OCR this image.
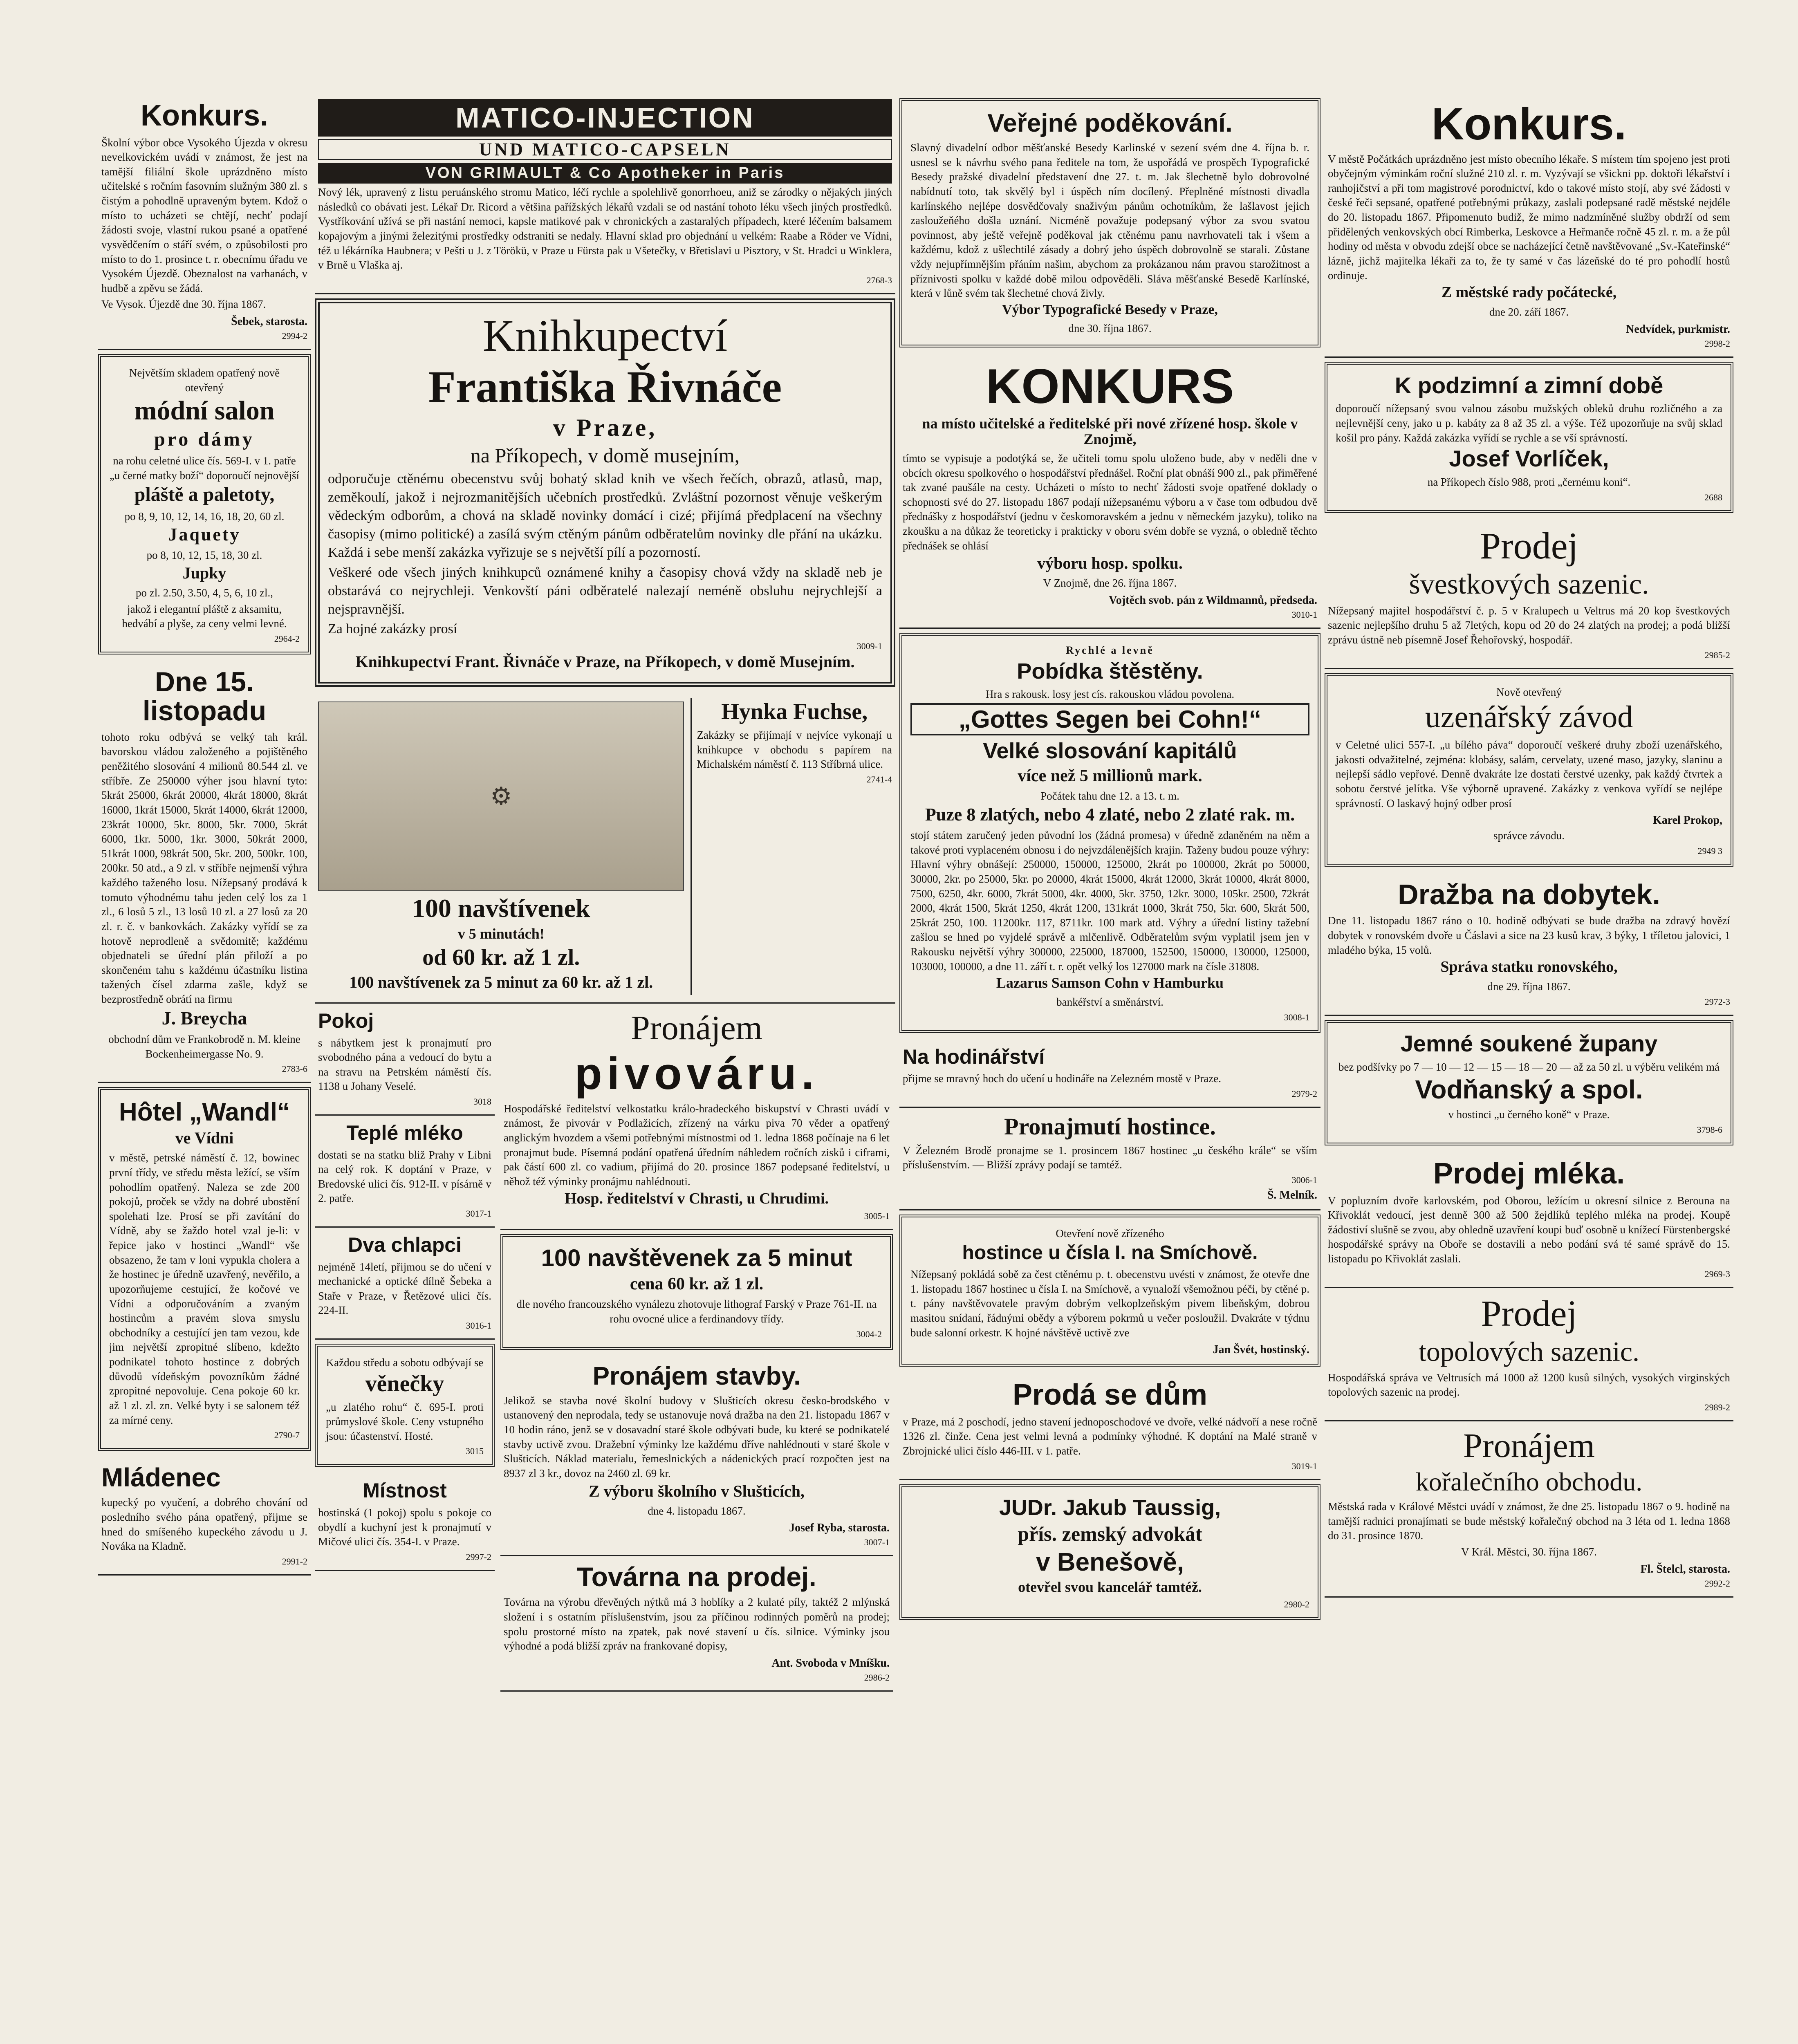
Konkurs.

Školní výbor obce Vysokého Újezda v okresu nevelkovickém uvádí v známost, že jest na tamější filiální škole uprázdněno místo učitelské s ročním fasovním služným 380 zl. s čistým a pohodlně upraveným bytem. Kdož o místo to ucházeti se chtějí, nechť podají žádosti svoje, vlastní rukou psané a opatřené vysvědčením o stáří svém, o způsobilosti pro místo to do 1. prosince t. r. obecnímu úřadu ve Vysokém Újezdě. Obeznalost na varhanách, v hudbě a zpěvu se žádá.

Ve Vysok. Újezdě dne 30. října 1867.

Šebek, starosta.

2994-2

Největším skladem opatřený nově otevřený

módní salon
pro dámy

na rohu celetné ulice čís. 569-I. v 1. patře „u černé matky boží“ doporoučí nejnovější

pláště a paletoty,

po 8, 9, 10, 12, 14, 16, 18, 20, 60 zl.

Jaquety

po 8, 10, 12, 15, 18, 30 zl.

Jupky

po zl. 2.50, 3.50, 4, 5, 6, 10 zl.,

jakož i elegantní pláště z aksamitu, hedvábí a plyše, za ceny velmi levné.

2964-2

Dne 15. listopadu

tohoto roku odbývá se velký tah král. bavorskou vládou založeného a pojištěného peněžitého slosování 4 milionů 80.544 zl. ve stříbře. Ze 250000 výher jsou hlavní tyto: 5krát 25000, 6krát 20000, 4krát 18000, 8krát 16000, 1krát 15000, 5krát 14000, 6krát 12000, 23krát 10000, 5kr. 8000, 5kr. 7000, 5krát 6000, 1kr. 5000, 1kr. 3000, 50krát 2000, 51krát 1000, 98krát 500, 5kr. 200, 500kr. 100, 200kr. 50 atd., a 9 zl. v stříbře nejmenší výhra každého taženého losu. Nížepsaný prodává k tomuto výhodnému tahu jeden celý los za 1 zl., 6 losů 5 zl., 13 losů 10 zl. a 27 losů za 20 zl. r. č. v bankovkách. Zakázky vyřídí se za hotově neprodleně a svědomitě; každému objednateli se úřední plán přiloží a po skončeném tahu s každému účastníku listina tažených čísel zdarma zašle, když se bezprostředně obrátí na firmu

J. Breycha

obchodní dům ve Frankobrodě n. M. kleine Bockenheimergasse No. 9.

2783-6

Hôtel „Wandl“
ve Vídni

v městě, petrské náměstí č. 12, bowinec první třídy, ve středu města ležící, se vším pohodlím opatřený. Naleza se zde 200 pokojů, proček se vždy na dobré ubostění spolehati lze. Prosí se při zavítání do Vídně, aby se žaždo hotel vzal je-li: v řepice jako v hostinci „Wandl“ vše obsazeno, že tam v loni vypukla cholera a že hostinec je úředně uzavřený, nevěřilo, a upozorňujeme cestující, že kočové ve Vídni a odporučováním a zvaným hostincům a pravém slova smyslu obchodníky a cestující jen tam vezou, kde jim největší zpropitné slíbeno, kdežto podnikatel tohoto hostince z dobrých důvodů vídeňským povozníkům žádné zpropitné nepovoluje. Cena pokoje 60 kr. až 1 zl. zl. zn. Velké byty i se salonem též za mírné ceny.

2790-7

Mládenec

kupecký po vyučení, a dobrého chování od posledního svého pána opatřený, přijme se hned do smíšeného kupeckého závodu u J. Nováka na Kladně.

2991-2

MATICO-INJECTION
UND MATICO-CAPSELN
VON GRIMAULT & Co Apotheker in Paris

Nový lék, upravený z listu peruánského stromu Matico, léčí rychle a spolehlivě gonorrhoeu, aniž se zárodky o nějakých jiných následků co obávati jest. Lékař Dr. Ricord a většina pařížských lékařů vzdali se od nastání tohoto léku všech jiných prostředků. Vystříkování užívá se při nastání nemoci, kapsle matikové pak v chronických a zastaralých případech, které léčením balsamem kopajovým a jinými železitými prostředky odstraniti se nedaly. Hlavní sklad pro objednání u velkém: Raabe a Röder ve Vídni, též u lékárníka Haubnera; v Pešti u J. z Törökü, v Praze u Fürsta pak u Všetečky, v Břetislavi u Pisztory, v St. Hradci u Winklera, v Brně u Vlaška aj.

2768-3

Knihkupectví
Františka Řivnáče
v Praze,
na Příkopech, v domě musejním,

odporučuje ctěnému obecenstvu svůj bohatý sklad knih ve všech řečích, obrazů, atlasů, map, zeměkoulí, jakož i nejrozmanitějších učebních prostředků. Zvláštní pozornost věnuje veškerým vědeckým odborům, a chová na skladě novinky domácí i cizé; přijímá předplacení na všechny časopisy (mimo politické) a zasílá svým ctěným pánům odběratelům novinky dle přání na ukázku. Každá i sebe menší zakázka vyřizuje se s největší pílí a pozorností.

Veškeré ode všech jiných knihkupců oznámené knihy a časopisy chová vždy na skladě neb je obstarává co nejrychleji. Venkovští páni odběratelé nalezají neméně obsluhu nejrychlejší a nejspravnější.

Za hojné zakázky prosí

3009-1

Knihkupectví Frant. Řivnáče v Praze, na Příkopech, v domě Musejním.
⚙
100 navštívenek
v 5 minutách!
od 60 kr. až 1 zl.
100 navštívenek za 5 minut za 60 kr. až 1 zl.
Hynka Fuchse,

Zakázky se přijímají v nejvíce vykonají u knihkupce v obchodu s papírem na Michalském náměstí č. 113 Stříbrná ulice.

2741-4

Pokoj

s nábytkem jest k pronajmutí pro svobodného pána a vedoucí do bytu a na stravu na Petrském náměstí čís. 1138 u Johany Veselé.

3018

Teplé mléko

dostati se na statku bliž Prahy v Libni na celý rok. K doptání v Praze, v Bredovské ulici čís. 912-II. v písárně v 2. patře.

3017-1

Dva chlapci

nejméně 14letí, přijmou se do učení v mechanické a optické dílně Šebeka a Staře v Praze, v Řetězové ulici čís. 224-II.

3016-1

Každou středu a sobotu odbývají se

věnečky

„u zlatého rohu“ č. 695-I. proti průmyslové škole. Ceny vstupného jsou: účastenství. Hosté.

3015

Místnost

hostinská (1 pokoj) spolu s pokoje co obydlí a kuchyní jest k pronajmutí v Mičové ulici čís. 354-I. v Praze.

2997-2

Pronájem
pivováru.

Hospodářské ředitelství velkostatku králo-hradeckého biskupství v Chrasti uvádí v známost, že pivovár v Podlažicích, zřízený na várku piva 70 věder a opatřený anglickým hvozdem a všemi potřebnými místnostmi od 1. ledna 1868 počínaje na 6 let pronajmut bude. Písemná podání opatřená úředním náhledem ročních zisků i ciframi, pak částí 600 zl. co vadium, přijímá do 20. prosince 1867 podepsané ředitelství, u něhož též výminky pronájmu nahlédnouti.

Hosp. ředitelství v Chrasti, u Chrudimi.

3005-1

100 navštěvenek za 5 minut
cena 60 kr. až 1 zl.

dle nového francouzského vynálezu zhotovuje lithograf Farský v Praze 761-II. na rohu ovocné ulice a ferdinandovy třídy.

3004-2

Pronájem stavby.

Jelikož se stavba nové školní budovy v Slušticích okresu česko-brodského v ustanovený den neprodala, tedy se ustanovuje nová dražba na den 21. listopadu 1867 v 10 hodin ráno, jenž se v dosavadní staré škole odbývati bude, ku které se podnikatelé stavby uctivě zvou. Dražební výminky lze každému dříve nahlédnouti v staré škole v Slušticích. Náklad materialu, řemeslnických a nádenických prací rozpočten jest na 8937 zl 3 kr., dovoz na 2460 zl. 69 kr.

Z výboru školního v Slušticích,

dne 4. listopadu 1867.

Josef Ryba, starosta.

3007-1

Továrna na prodej.

Továrna na výrobu dřevěných nýtků má 3 hoblíky a 2 kulaté píly, taktéž 2 mlýnská složení i s ostatním příslušenstvím, jsou za příčinou rodinných poměrů na prodej; spolu prostorné místo na zpatek, pak nové stavení u čís. silnice. Výminky jsou výhodné a podá bližší zpráv na frankované dopisy,

Ant. Svoboda v Mníšku.

2986-2

Veřejné poděkování.

Slavný divadelní odbor měšťanské Besedy Karlinské v sezení svém dne 4. října b. r. usnesl se k návrhu svého pana ředitele na tom, že uspořádá ve prospěch Typografické Besedy pražské divadelní představení dne 27. t. m. Jak šlechetně bylo dobrovolné nabídnutí toto, tak skvělý byl i úspěch ním docílený. Přeplněné místnosti divadla karlínského nejlépe dosvědčovaly snaživým pánům ochotníkům, že lašlavost jejich zasloužeňého došla uznání. Nicméně považuje podepsaný výbor za svou svatou povinnost, aby ještě veřejně poděkoval jak ctěnému panu navrhovateli tak i všem a každému, kdož z ušlechtilé zásady a dobrý jeho úspěch dobrovolně se starali. Zůstane vždy nejupřímnějším přáním našim, abychom za prokázanou nám pravou starožitnost a příznivosti spolku v každé době milou odpověděli. Sláva měšťanské Besedě Karlínské, která v lůně svém tak šlechetné chová živly.

Výbor Typografické Besedy v Praze,

dne 30. října 1867.

KONKURS
na místo učitelské a ředitelské při nové zřízené hosp. škole v Znojmě,

tímto se vypisuje a podotýká se, že učiteli tomu spolu uloženo bude, aby v neděli dne v obcích okresu spolkového o hospodářství přednášel. Roční plat obnáší 900 zl., pak přiměřené tak zvané paušále na cesty. Ucházeti o místo to nechť žádosti svoje opatřené doklady o schopnosti své do 27. listopadu 1867 podají nížepsanému výboru a v čase tom odbudou dvě přednášky z hospodářství (jednu v českomoravském a jednu v německém jazyku), toliko na zkoušku a na důkaz že teoreticky i prakticky v oboru svém dobře se vyzná, o obledně těchto přednášek se ohlásí

výboru hosp. spolku.

V Znojmě, dne 26. října 1867.

Vojtěch svob. pán z Wildmannů, předseda.

3010-1

Rychlé a levně
Pobídka štěstěny.

Hra s rakousk. losy jest cís. rakouskou vládou povolena.

„Gottes Segen bei Cohn!“
Velké slosování kapitálů
více než 5 millionů mark.

Počátek tahu dne 12. a 13. t. m.

Puze 8 zlatých, nebo 4 zlaté, nebo 2 zlaté rak. m.

stojí státem zaručený jeden původní los (žádná promesa) v úředně zdaněném na něm a takové proti vyplaceném obnosu i do nejvzdálenějších krajin. Taženy budou pouze výhry: Hlavní výhry obnášejí: 250000, 150000, 125000, 2krát po 100000, 2krát po 50000, 30000, 2kr. po 25000, 5kr. po 20000, 4krát 15000, 4krát 12000, 3krát 10000, 4krát 8000, 7500, 6250, 4kr. 6000, 7krát 5000, 4kr. 4000, 5kr. 3750, 12kr. 3000, 105kr. 2500, 72krát 2000, 4krát 1500, 5krát 1250, 4krát 1200, 131krát 1000, 3krát 750, 5kr. 600, 5krát 500, 25krát 250, 100. 11200kr. 117, 8711kr. 100 mark atd. Výhry a úřední listiny tažební zašlou se hned po vyjdelé správě a mlčenlivě. Odběratelům svým vyplatil jsem jen v Rakousku největší výhry 300000, 225000, 187000, 152500, 150000, 130000, 125000, 103000, 100000, a dne 11. září t. r. opět velký los 127000 mark na čísle 31808.

Lazarus Samson Cohn v Hamburku

bankéřství a směnárství.

3008-1

Na hodinářství

přijme se mravný hoch do učení u hodináře na Zelezném mostě v Praze.

2979-2

Pronajmutí hostince.

V Železném Brodě pronajme se 1. prosincem 1867 hostinec „u českého krále“ se vším příslušenstvím. — Bližší zprávy podají se tamtéž.

3006-1

Š. Melník.

Otevření nově zřízeného

hostince u čísla I. na Smíchově.

Nížepsaný pokládá sobě za čest ctěnému p. t. obecenstvu uvésti v známost, že otevře dne 1. listopadu 1867 hostinec u čísla I. na Smíchově, a vynaloží všemožnou péči, by ctěné p. t. pány navštěvovatele pravým dobrým velkoplzeňským pivem libeňským, dobrou masitou snídaní, řádnými obědy a výborem pokrmů u večer posloužil. Dvakráte v týdnu bude salonní orkestr. K hojné návštěvě uctivě zve

Jan Švét, hostinský.

Prodá se dům

v Praze, má 2 poschodí, jedno stavení jednoposchodové ve dvoře, velké nádvoří a nese ročně 1326 zl. činže. Cena jest velmi levná a podmínky výhodné. K doptání na Malé straně v Zbrojnické ulici číslo 446-III. v 1. patře.

3019-1

JUDr. Jakub Taussig,
přís. zemský advokát
v Benešově,
otevřel svou kancelář tamtéž.

2980-2

Konkurs.

V městě Počátkách uprázdněno jest místo obecního lékaře. S místem tím spojeno jest proti obyčejným výminkám roční služné 210 zl. r. m. Vyzývají se všickni pp. doktoři lékařství i ranhojičství a při tom magistrové porodnictví, kdo o takové místo stojí, aby své žádosti v české řeči sepsané, opatřené potřebnými průkazy, zaslali podepsané radě městské nejdéle do 20. listopadu 1867. Připomenuto budiž, že mimo nadzmíněné služby obdrží od sem přidělených venkovských obcí Rimberka, Leskovce a Heřmanče ročně 45 zl. r. m. a že půl hodiny od města v obvodu zdejší obce se nacházející četně navštěvované „Sv.-Kateřinské“ lázně, jichž majitelka lékaři za to, že ty samé v čas lázeňské do té pro pohodlí hostů ordinuje.

Z městské rady počátecké,

dne 20. září 1867.

Nedvídek, purkmistr.

2998-2

K podzimní a zimní době

doporoučí nížepsaný svou valnou zásobu mužských obleků druhu rozličného a za nejlevnější ceny, jako u p. kabáty za 8 až 35 zl. a výše. Též upozorňuje na svůj sklad košil pro pány. Každá zakázka vyřídí se rychle a se vší správností.

Josef Vorlíček,

na Příkopech číslo 988, proti „černému koni“.

2688

Prodej
švestkových sazenic.

Nížepsaný majitel hospodářství č. p. 5 v Kralupech u Veltrus má 20 kop švestkových sazenic nejlepšího druhu 5 až 7letých, kopu od 20 do 24 zlatých na prodej; a podá bližší zprávu ústně neb písemně Josef Řehořovský, hospodář.

2985-2

Nově otevřený

uzenářský závod

v Celetné ulici 557-I. „u bílého páva“ doporoučí veškeré druhy zboží uzenářského, jakosti odvažitelné, zejména: klobásy, salám, cervelaty, uzené maso, jazyky, slaninu a nejlepší sádlo vepřové. Denně dvakráte lze dostati čerstvé uzenky, pak každý čtvrtek a sobotu čerstvé jelítka. Vše výborně upravené. Zakázky z venkova vyřídí se nejlépe správností. O laskavý hojný odber prosí

Karel Prokop,

správce závodu.

2949 3

Dražba na dobytek.

Dne 11. listopadu 1867 ráno o 10. hodině odbývati se bude dražba na zdravý hovězí dobytek v ronovském dvoře u Čáslavi a sice na 23 kusů krav, 3 býky, 1 tříletou jalovici, 1 mladého býka, 15 volů.

Správa statku ronovského,

dne 29. října 1867.

2972-3

Jemné soukené župany

bez podšívky po 7 — 10 — 12 — 15 — 18 — 20 — až za 50 zl. u výběru velikém má

Vodňanský a spol.

v hostinci „u černého koně“ v Praze.

3798-6

Prodej mléka.

V popluzním dvoře karlovském, pod Oborou, ležícím u okresní silnice z Berouna na Křivoklát vedoucí, jest denně 300 až 500 žejdlíků teplého mléka na prodej. Koupě žádostiví slušně se zvou, aby ohledně uzavření koupi buď osobně u knížecí Fürstenbergské hospodářské správy na Oboře se dostavili a nebo podání svá té samé správě do 15. listopadu po Křivoklát zaslali.

2969-3

Prodej
topolových sazenic.

Hospodářská správa ve Veltrusích má 1000 až 1200 kusů silných, vysokých virginských topolových sazenic na prodej.

2989-2

Pronájem
kořalečního obchodu.

Městská rada v Králové Městci uvádí v známost, že dne 25. listopadu 1867 o 9. hodině na tamější radnici pronajímati se bude městský kořalečný obchod na 3 léta od 1. ledna 1868 do 31. prosince 1870.

V Král. Městci, 30. října 1867.

Fl. Štelcl, starosta.

2992-2
